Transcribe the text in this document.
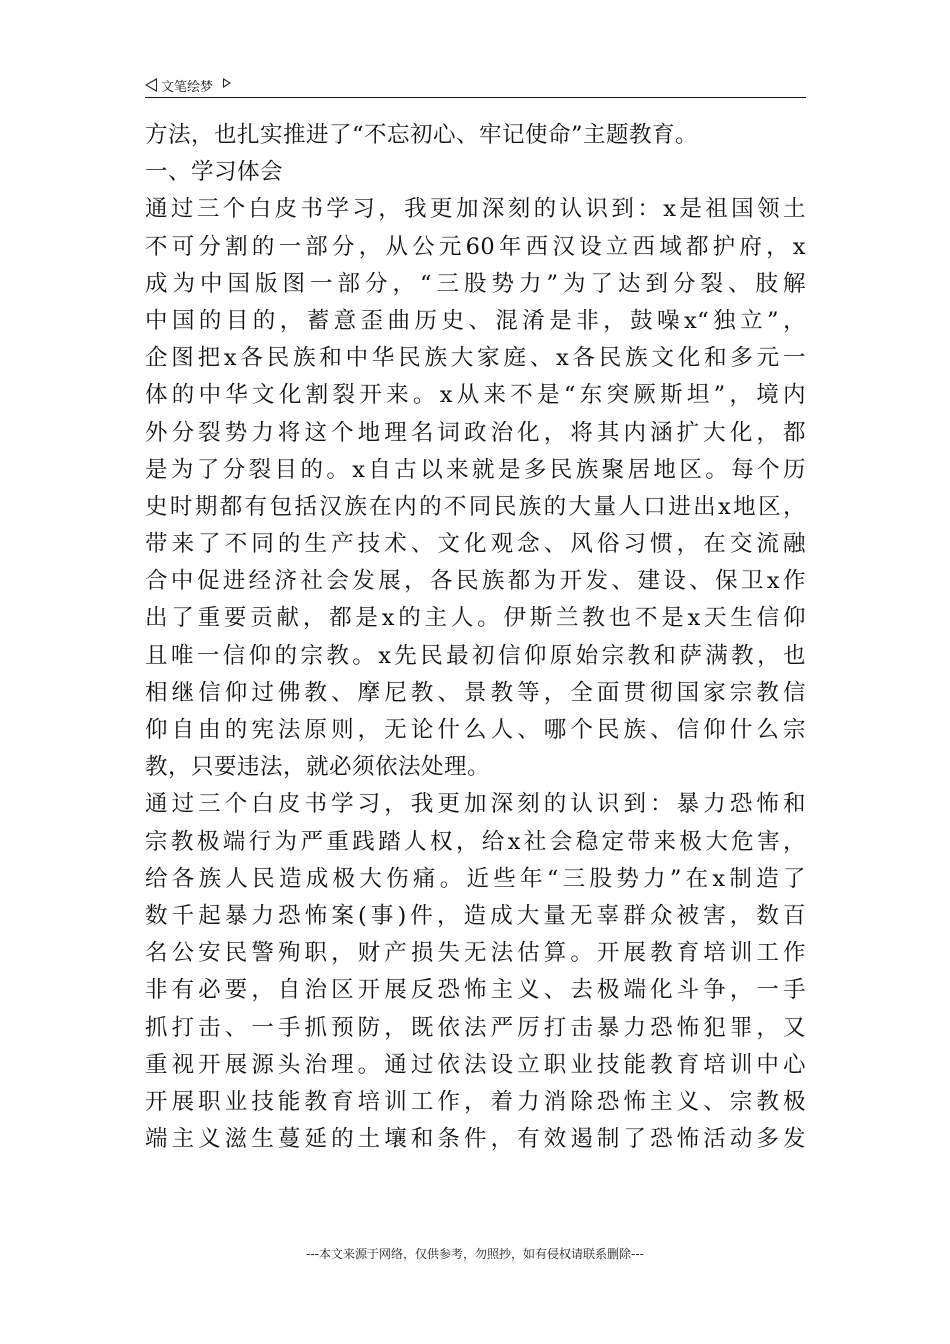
文笔绘梦
方法，也扎实推进了“不忘初心、牢记使命”主题教育。
一、学习体会
通过三个白皮书学习，我更加深刻的认识到：x是祖国领土
不可分割的一部分，从公元60年西汉设立西域都护府，x
成为中国版图一部分，“三股势力”为了达到分裂、肢解
中国的目的，蓄意歪曲历史、混淆是非，鼓噪x“独立”，
企图把x各民族和中华民族大家庭、x各民族文化和多元一
体的中华文化割裂开来。x从来不是“东突厥斯坦”，境内
外分裂势力将这个地理名词政治化，将其内涵扩大化，都
是为了分裂目的。x自古以来就是多民族聚居地区。每个历
史时期都有包括汉族在内的不同民族的大量人口进出x地区，
带来了不同的生产技术、文化观念、风俗习惯，在交流融
合中促进经济社会发展，各民族都为开发、建设、保卫x作
出了重要贡献，都是x的主人。伊斯兰教也不是x天生信仰
且唯一信仰的宗教。x先民最初信仰原始宗教和萨满教，也
相继信仰过佛教、摩尼教、景教等，全面贯彻国家宗教信
仰自由的宪法原则，无论什么人、哪个民族、信仰什么宗
教，只要违法，就必须依法处理。
通过三个白皮书学习，我更加深刻的认识到：暴力恐怖和
宗教极端行为严重践踏人权，给x社会稳定带来极大危害，
给各族人民造成极大伤痛。近些年“三股势力”在x制造了
数千起暴力恐怖案(事)件，造成大量无辜群众被害，数百
名公安民警殉职，财产损失无法估算。开展教育培训工作
非有必要，自治区开展反恐怖主义、去极端化斗争，一手
抓打击、一手抓预防，既依法严厉打击暴力恐怖犯罪，又
重视开展源头治理。通过依法设立职业技能教育培训中心
开展职业技能教育培训工作，着力消除恐怖主义、宗教极
端主义滋生蔓延的土壤和条件，有效遏制了恐怖活动多发
---本文来源于网络，仅供参考，勿照抄，如有侵权请联系删除---
